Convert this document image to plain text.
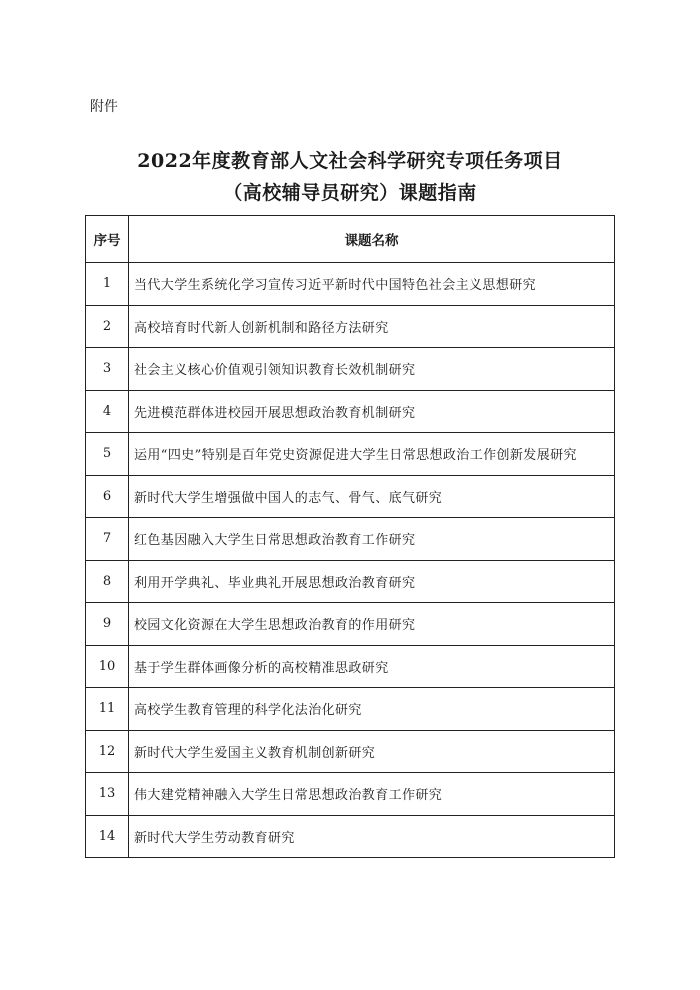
附件
2022年度教育部人文社会科学研究专项任务项目
（高校辅导员研究）课题指南
序号	课题名称
1	当代大学生系统化学习宣传习近平新时代中国特色社会主义思想研究
2	高校培育时代新人创新机制和路径方法研究
3	社会主义核心价值观引领知识教育长效机制研究
4	先进模范群体进校园开展思想政治教育机制研究
5	运用“四史”特别是百年党史资源促进大学生日常思想政治工作创新发展研究
6	新时代大学生增强做中国人的志气、骨气、底气研究
7	红色基因融入大学生日常思想政治教育工作研究
8	利用开学典礼、毕业典礼开展思想政治教育研究
9	校园文化资源在大学生思想政治教育的作用研究
10	基于学生群体画像分析的高校精准思政研究
11	高校学生教育管理的科学化法治化研究
12	新时代大学生爱国主义教育机制创新研究
13	伟大建党精神融入大学生日常思想政治教育工作研究
14	新时代大学生劳动教育研究
